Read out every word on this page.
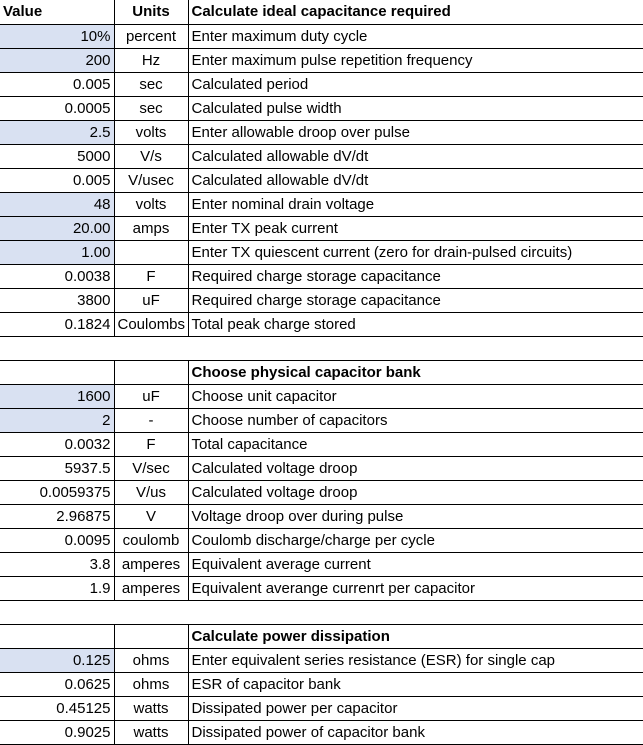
Value	Units	Calculate ideal capacitance required
10%	percent	Enter maximum duty cycle
200	Hz	Enter maximum pulse repetition frequency
0.005	sec	Calculated period
0.0005	sec	Calculated pulse width
2.5	volts	Enter allowable droop over pulse
5000	V/s	Calculated allowable dV/dt
0.005	V/usec	Calculated allowable dV/dt
48	volts	Enter nominal drain voltage
20.00	amps	Enter TX peak current
1.00		Enter TX quiescent current (zero for drain-pulsed circuits)
0.0038	F	Required charge storage capacitance
3800	uF	Required charge storage capacitance
0.1824	Coulombs	Total peak charge stored

		Choose physical capacitor bank
1600	uF	Choose unit capacitor
2	-	Choose number of capacitors
0.0032	F	Total capacitance
5937.5	V/sec	Calculated voltage droop
0.0059375	V/us	Calculated voltage droop
2.96875	V	Voltage droop over during pulse
0.0095	coulomb	Coulomb discharge/charge per cycle
3.8	amperes	Equivalent average current
1.9	amperes	Equivalent averange currenrt per capacitor

		Calculate power dissipation
0.125	ohms	Enter equivalent series resistance (ESR) for single cap
0.0625	ohms	ESR of capacitor bank
0.45125	watts	Dissipated power per capacitor
0.9025	watts	Dissipated power of capacitor bank
